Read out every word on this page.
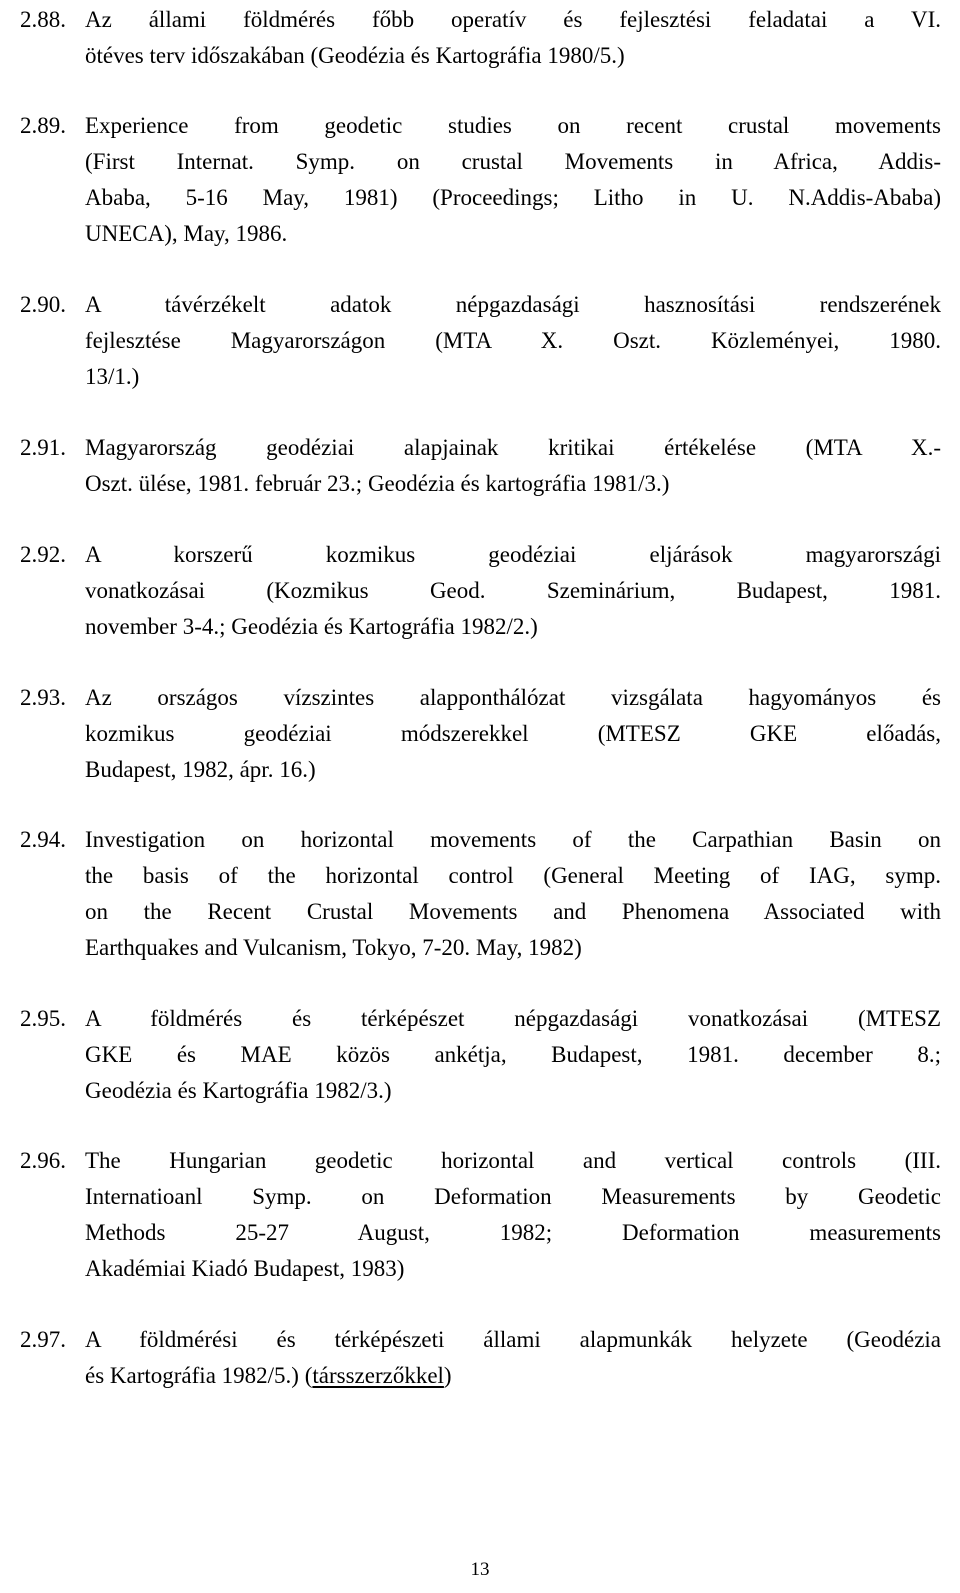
2.88. Az állami földmérés főbb operatív és fejlesztési feladatai a VI.
ötéves terv időszakában (Geodézia és Kartográfia 1980/5.)
2.89. Experience from geodetic studies on recent crustal movements
(First Internat. Symp. on crustal Movements in Africa, Addis-
Ababa, 5-16 May, 1981) (Proceedings; Litho in U. N.Addis-Ababa)
UNECA), May, 1986.
2.90. A távérzékelt adatok népgazdasági hasznosítási rendszerének
fejlesztése Magyarországon (MTA X. Oszt. Közleményei, 1980.
13/1.)
2.91. Magyarország geodéziai alapjainak kritikai értékelése (MTA X.-
Oszt. ülése, 1981. február 23.; Geodézia és kartográfia 1981/3.)
2.92. A korszerű kozmikus geodéziai eljárások magyarországi
vonatkozásai (Kozmikus Geod. Szeminárium, Budapest, 1981.
november 3-4.; Geodézia és Kartográfia 1982/2.)
2.93. Az országos vízszintes alapponthálózat vizsgálata hagyományos és
kozmikus geodéziai módszerekkel (MTESZ GKE előadás,
Budapest, 1982, ápr. 16.)
2.94. Investigation on horizontal movements of the Carpathian Basin on
the basis of the horizontal control (General Meeting of IAG, symp.
on the Recent Crustal Movements and Phenomena Associated with
Earthquakes and Vulcanism, Tokyo, 7-20. May, 1982)
2.95. A földmérés és térképészet népgazdasági vonatkozásai (MTESZ
GKE és MAE közös ankétja, Budapest, 1981. december 8.;
Geodézia és Kartográfia 1982/3.)
2.96. The Hungarian geodetic horizontal and vertical controls (III.
Internatioanl Symp. on Deformation Measurements by Geodetic
Methods 25-27 August, 1982; Deformation measurements
Akadémiai Kiadó Budapest, 1983)
2.97. A földmérési és térképészeti állami alapmunkák helyzete (Geodézia
és Kartográfia 1982/5.) (társszerzőkkel)
13
